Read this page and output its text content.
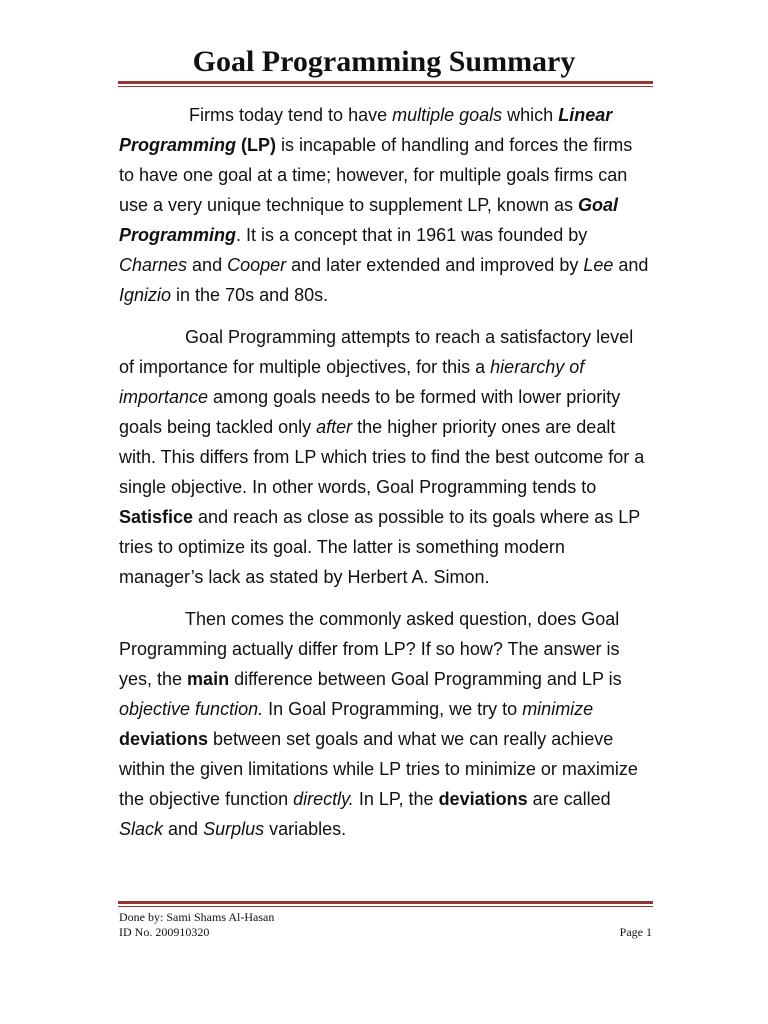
Goal Programming Summary

Firms today tend to have multiple goals which Linear Programming (LP) is incapable of handling and forces the firms to have one goal at a time; however, for multiple goals firms can use a very unique technique to supplement LP, known as Goal Programming. It is a concept that in 1961 was founded by Charnes and Cooper and later extended and improved by Lee and Ignizio in the 70s and 80s.

Goal Programming attempts to reach a satisfactory level of importance for multiple objectives, for this a hierarchy of importance among goals needs to be formed with lower priority goals being tackled only after the higher priority ones are dealt with. This differs from LP which tries to find the best outcome for a single objective. In other words, Goal Programming tends to Satisfice and reach as close as possible to its goals where as LP tries to optimize its goal. The latter is something modern manager’s lack as stated by Herbert A. Simon.

Then comes the commonly asked question, does Goal Programming actually differ from LP? If so how? The answer is yes, the main difference between Goal Programming and LP is objective function. In Goal Programming, we try to minimize deviations between set goals and what we can really achieve within the given limitations while LP tries to minimize or maximize the objective function directly. In LP, the deviations are called Slack and Surplus variables.

Done by: Sami Shams Al-Hasan
ID No. 200910320	Page 1
